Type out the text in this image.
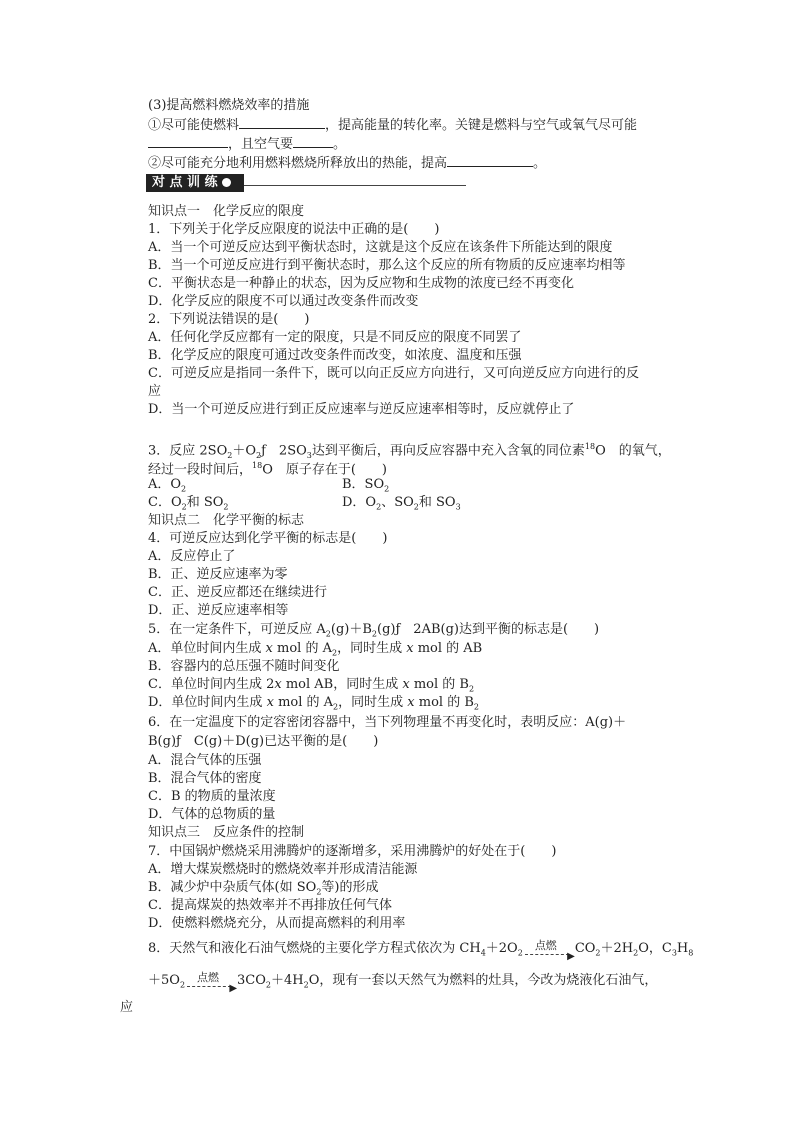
(3)提高燃料燃烧效率的措施
①尽可能使燃料	，提高能量的转化率。关键是燃料与空气或氧气尽可能
，且空气要	。
②尽可能充分地利用燃料燃烧所释放出的热能，提高	。
对 点 训 练
知识点一　化学反应的限度
1．下列关于化学反应限度的说法中正确的是(　　)
A．当一个可逆反应达到平衡状态时，这就是这个反应在该条件下所能达到的限度
B．当一个可逆反应进行到平衡状态时，那么这个反应的所有物质的反应速率均相等
C．平衡状态是一种静止的状态，因为反应物和生成物的浓度已经不再变化
D．化学反应的限度不可以通过改变条件而改变
2．下列说法错误的是(　　)
A．任何化学反应都有一定的限度，只是不同反应的限度不同罢了
B．化学反应的限度可通过改变条件而改变，如浓度、温度和压强
C．可逆反应是指同一条件下，既可以向正反应方向进行，又可向逆反应方向进行的反
应
D．当一个可逆反应进行到正反应速率与逆反应速率相等时，反应就停止了
3．反应 $2SO_2+O_2ƒ$　$2SO_3$达到平衡后，再向反应容器中充入含氧的同位素$^{18}$O　的氧气，
经过一段时间后，$^{18}$O　原子存在于(　　)
A．$O_2$	B．$SO_2$
C．$O_2$和 $SO_2$	D．$O_2$、$SO_2$和 $SO_3$
知识点二　化学平衡的标志
4．可逆反应达到化学平衡的标志是(　　)
A．反应停止了
B．正、逆反应速率为零
C．正、逆反应都还在继续进行
D．正、逆反应速率相等
5．在一定条件下，可逆反应 $A_2(g)+B_2(g)ƒ$　2AB(g)达到平衡的标志是(　　)
A．单位时间内生成 x mol 的 $A_2$，同时生成 x mol 的 AB
B．容器内的总压强不随时间变化
C．单位时间内生成 2x mol AB，同时生成 x mol 的 $B_2$
D．单位时间内生成 x mol 的 $A_2$，同时生成 x mol 的 $B_2$
6．在一定温度下的定容密闭容器中，当下列物理量不再变化时，表明反应：A(g)＋
B(g)ƒ　C(g)＋D(g)已达平衡的是(　　)
A．混合气体的压强
B．混合气体的密度
C．B 的物质的量浓度
D．气体的总物质的量
知识点三　反应条件的控制
7．中国锅炉燃烧采用沸腾炉的逐渐增多，采用沸腾炉的好处在于(　　)
A．增大煤炭燃烧时的燃烧效率并形成清洁能源
B．减少炉中杂质气体(如 $SO_2$等)的形成
C．提高煤炭的热效率并不再排放任何气体
D．使燃料燃烧充分，从而提高燃料的利用率
8．天然气和液化石油气燃烧的主要化学方程式依次为 $CH_4+2O_2$
点燃
▶
$CO_2+2H_2O$，$C_3H_8$
$+5O_2$
点燃
▶
$3CO_2+4H_2O$，现有一套以天然气为燃料的灶具，今改为烧液化石油气，
应
